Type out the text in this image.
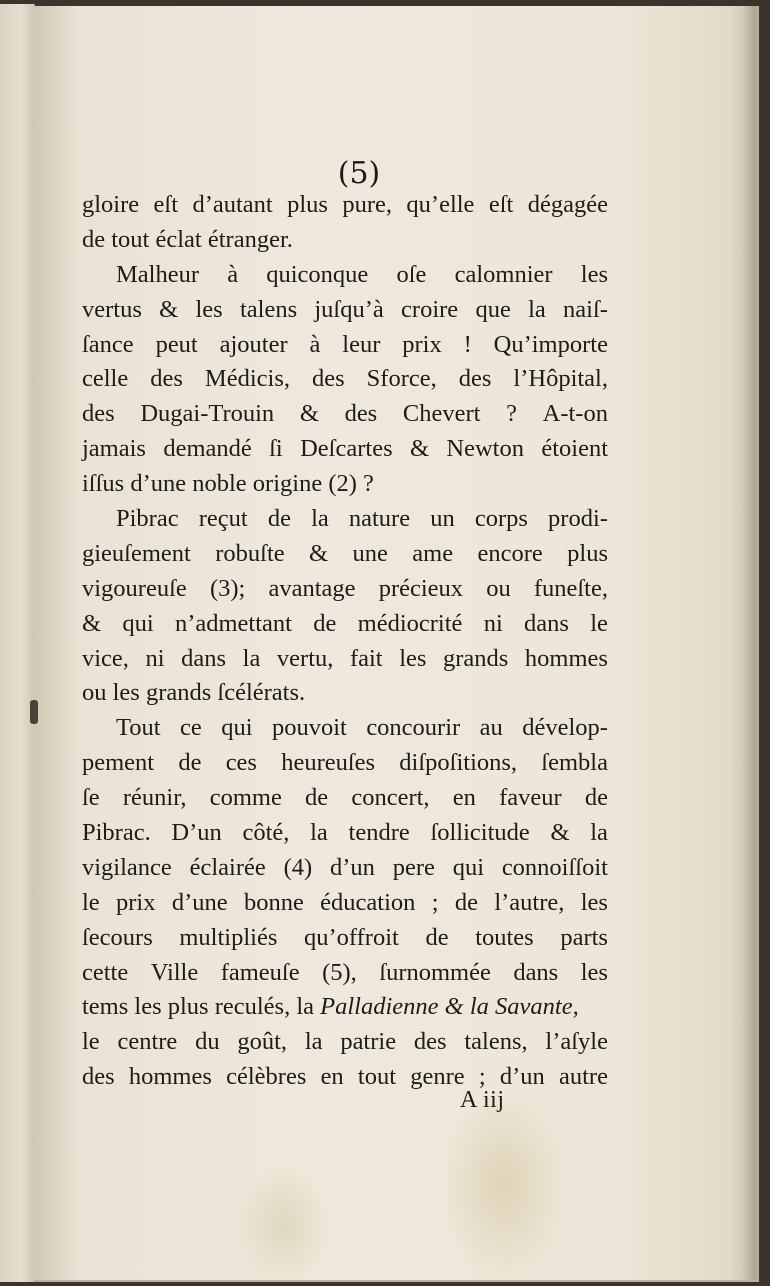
(5)
gloire eſt d’autant plus pure, qu’elle eſt dégagée
de tout éclat étranger.
Malheur à quiconque oſe calomnier les
vertus & les talens juſqu’à croire que la naiſ-
ſance peut ajouter à leur prix ! Qu’importe
celle des Médicis, des Sforce, des l’Hôpital,
des Dugai-Trouin & des Chevert ? A-t-on
jamais demandé ſi Deſcartes & Newton étoient
iſſus d’une noble origine (2) ?
Pibrac reçut de la nature un corps prodi-
gieuſement robuſte & une ame encore plus
vigoureuſe (3); avantage précieux ou funeſte,
& qui n’admettant de médiocrité ni dans le
vice, ni dans la vertu, fait les grands hommes
ou les grands ſcélérats.
Tout ce qui pouvoit concourir au dévelop-
pement de ces heureuſes diſpoſitions, ſembla
ſe réunir, comme de concert, en faveur de
Pibrac. D’un côté, la tendre ſollicitude & la
vigilance éclairée (4) d’un pere qui connoiſſoit
le prix d’une bonne éducation ; de l’autre, les
ſecours multipliés qu’offroit de toutes parts
cette Ville fameuſe (5), ſurnommée dans les
tems les plus reculés, la Palladienne & la Savante,
le centre du goût, la patrie des talens, l’aſyle
des hommes célèbres en tout genre ; d’un autre
A iij
